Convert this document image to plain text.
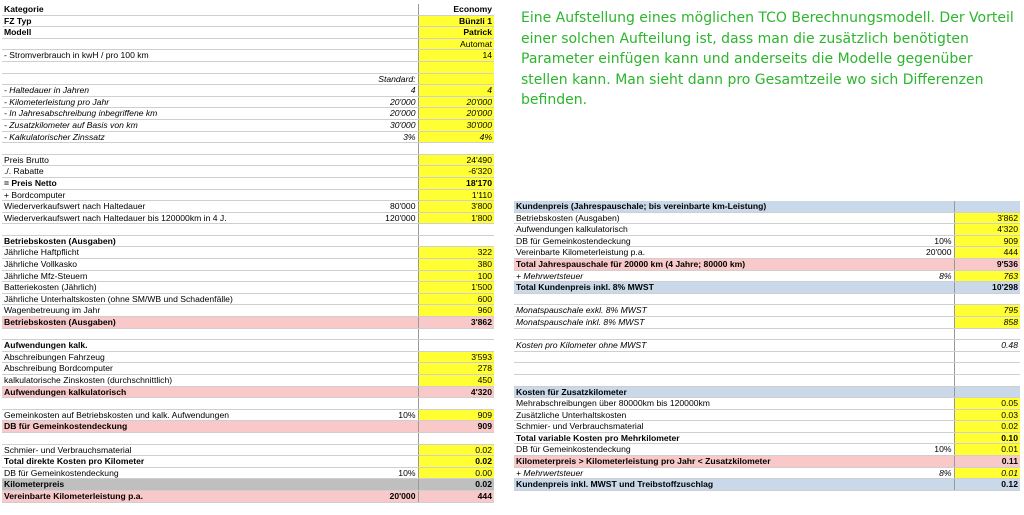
Kategorie		Economy
FZ Typ		Bünzli 1
Modell		Patrick
		Automat
- Stromverbrauch in kwH / pro 100 km		14

	Standard:	
- Haltedauer in Jahren	4	4
- Kilometerleistung pro Jahr	20'000	20'000
- In Jahresabschreibung inbegriffene km	20'000	20'000
- Zusatzkilometer auf Basis von km	30'000	30'000
- Kalkulatorischer Zinssatz	3%	4%

Preis Brutto		24'490
./. Rabatte		-6'320
= Preis Netto		18'170
+ Bordcomputer		1'110
Wiederverkaufswert nach Haltedauer	80'000	3'800
Wiederverkaufswert nach Haltedauer bis 120000km in 4 J.	120'000	1'800

Betriebskosten (Ausgaben)		
Jährliche Haftpflicht		322
Jährliche Vollkasko		380
Jährliche Mfz-Steuern		100
Batteriekosten (Jährlich)		1'500
Jährliche Unterhaltskosten (ohne SM/WB und Schadenfälle)		600
Wagenbetreuung im Jahr		960
Betriebskosten (Ausgaben)		3'862

Aufwendungen kalk.		
Abschreibungen Fahrzeug		3'593
Abschreibung Bordcomputer		278
kalkulatorische Zinskosten (durchschnittlich)		450
Aufwendungen kalkulatorisch		4'320

Gemeinkosten auf Betriebskosten und kalk. Aufwendungen	10%	909
DB für Gemeinkostendeckung		909

Schmier- und Verbrauchsmaterial		0.02
Total direkte Kosten pro Kilometer		0.02
DB für Gemeinkostendeckung	10%	0.00
Kilometerpreis		0.02
Vereinbarte Kilometerleistung p.a.	20'000	444
Kundenpreis (Jahrespauschale; bis vereinbarte km-Leistung)		
Betriebskosten (Ausgaben)		3'862
Aufwendungen kalkulatorisch		4'320
DB für Gemeinkostendeckung	10%	909
Vereinbarte Kilometerleistung p.a.	20'000	444
Total Jahrespauschale für 20000 km (4 Jahre; 80000 km)		9'536
+ Mehrwertsteuer	8%	763
Total Kundenpreis inkl. 8% MWST		10'298

Monatspauschale exkl. 8% MWST		795
Monatspauschale inkl. 8% MWST		858

Kosten pro Kilometer ohne MWST		0.48

Kosten für Zusatzkilometer		
Mehrabschreibungen über 80000km bis 120000km		0.05
Zusätzliche Unterhaltskosten		0.03
Schmier- und Verbrauchsmaterial		0.02
Total variable Kosten pro Mehrkilometer		0.10
DB für Gemeinkostendeckung	10%	0.01
Kilometerpreis > Kilometerleistung pro Jahr < Zusatzkilometer		0.11
+ Mehrwertsteuer	8%	0.01
Kundenpreis inkl. MWST und Treibstoffzuschlag		0.12
Eine Aufstellung eines möglichen TCO Berechnungsmodell. Der Vorteil einer solchen Aufteilung ist, dass man die zusätzlich benötigten Parameter einfügen kann und anderseits die Modelle gegenüber stellen kann. Man sieht dann pro Gesamtzeile wo sich Differenzen befinden.
